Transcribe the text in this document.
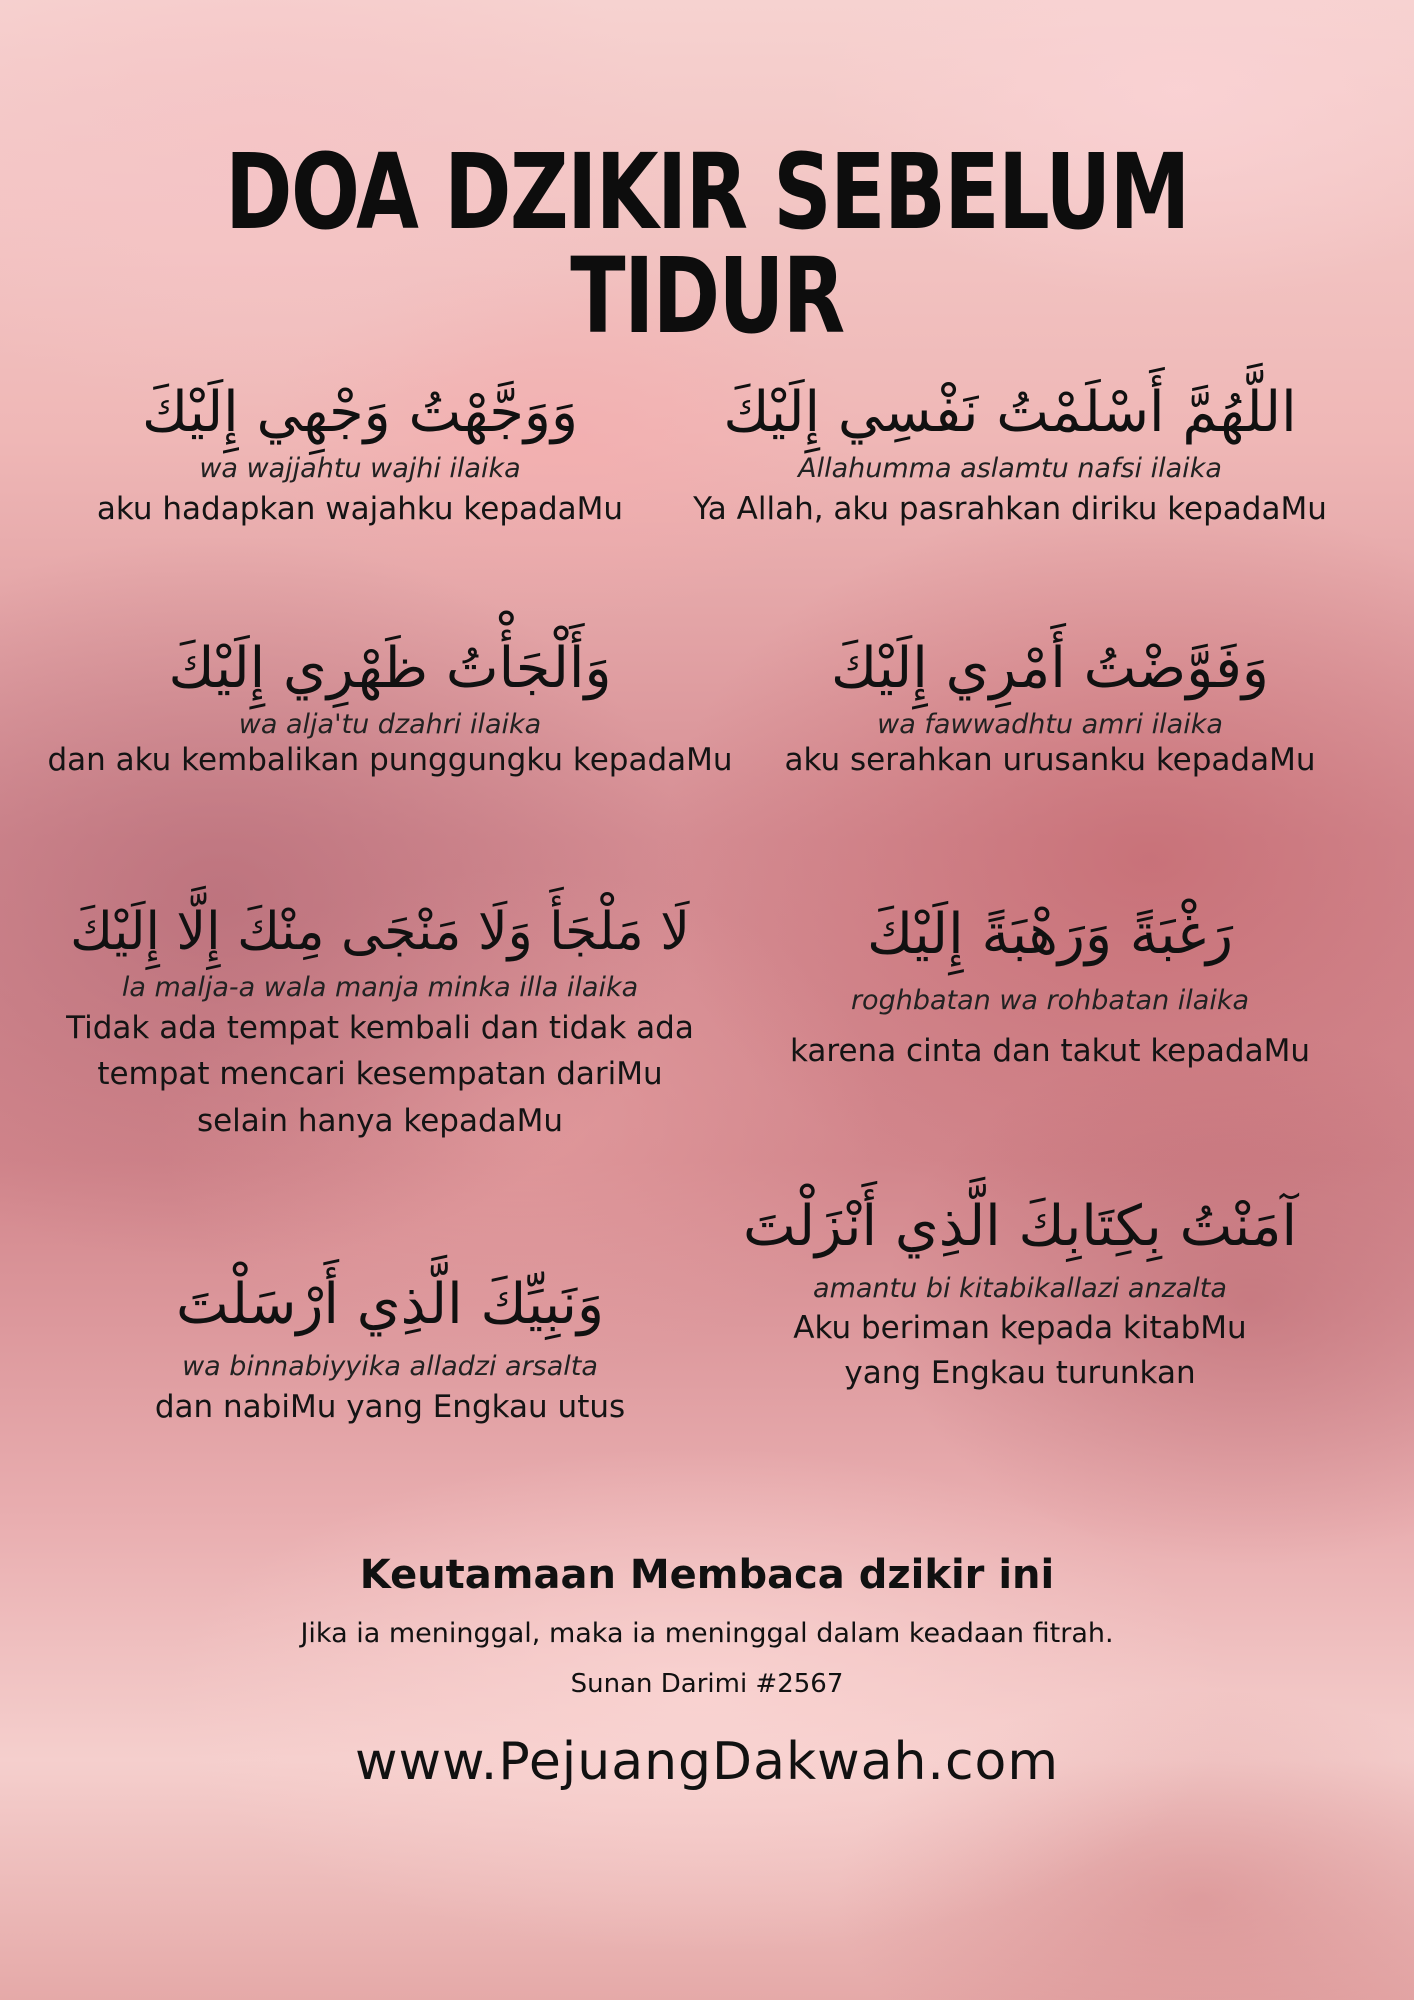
DOA DZIKIR SEBELUM TIDUR
اللَّهُمَّ أَسْلَمْتُ نَفْسِي إِلَيْكَ
Allahumma aslamtu nafsi ilaika
Ya Allah, aku pasrahkan diriku kepadaMu
وَوَجَّهْتُ وَجْهِي إِلَيْكَ
wa wajjahtu wajhi ilaika
aku hadapkan wajahku kepadaMu
وَفَوَّضْتُ أَمْرِي إِلَيْكَ
wa fawwadhtu amri ilaika
aku serahkan urusanku kepadaMu
وَأَلْجَأْتُ ظَهْرِي إِلَيْكَ
wa alja'tu dzahri ilaika
dan aku kembalikan punggungku kepadaMu
رَغْبَةً وَرَهْبَةً إِلَيْكَ
roghbatan wa rohbatan ilaika
karena cinta dan takut kepadaMu
لَا مَلْجَأَ وَلَا مَنْجَى مِنْكَ إِلَّا إِلَيْكَ
la malja-a wala manja minka illa ilaika
Tidak ada tempat kembali dan tidak ada
tempat mencari kesempatan dariMu
selain hanya kepadaMu
آمَنْتُ بِكِتَابِكَ الَّذِي أَنْزَلْتَ
amantu bi kitabikallazi anzalta
Aku beriman kepada kitabMu
yang Engkau turunkan
وَنَبِيِّكَ الَّذِي أَرْسَلْتَ
wa binnabiyyika alladzi arsalta
dan nabiMu yang Engkau utus
Keutamaan Membaca dzikir ini
Jika ia meninggal, maka ia meninggal dalam keadaan fitrah.
Sunan Darimi #2567
www.PejuangDakwah.com
